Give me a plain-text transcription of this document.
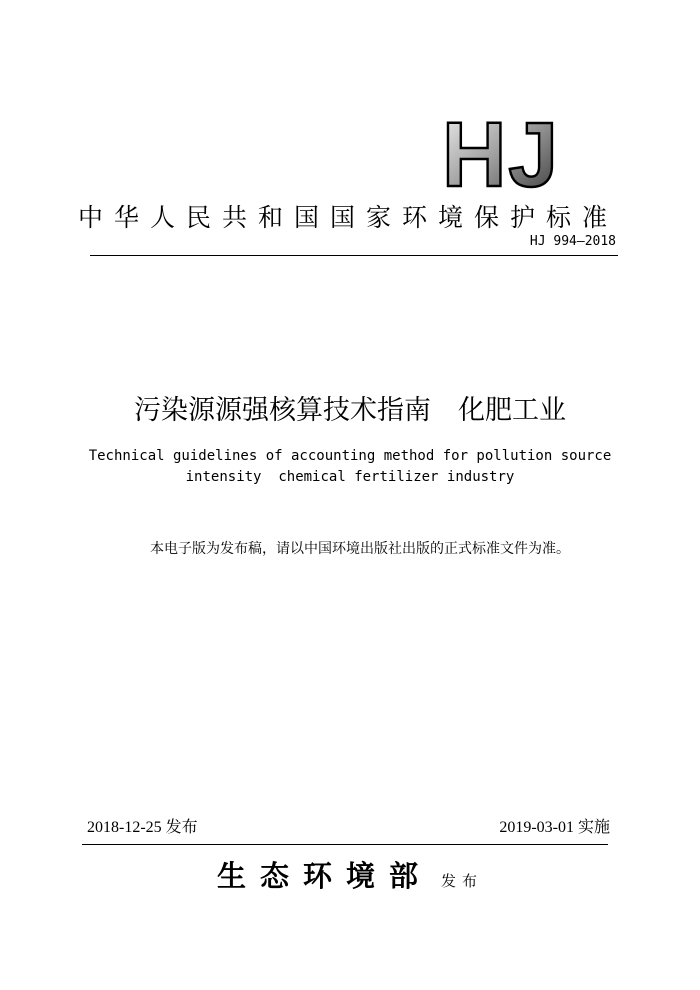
HJ
中华人民共和国国家环境保护标准
HJ 994—2018
污染源源强核算技术指南　化肥工业
Technical guidelines of accounting method for pollution source
intensity  chemical fertilizer industry
本电子版为发布稿，请以中国环境出版社出版的正式标准文件为准。
2018-12-25 发布	2019-03-01 实施
生态环境部 发布
